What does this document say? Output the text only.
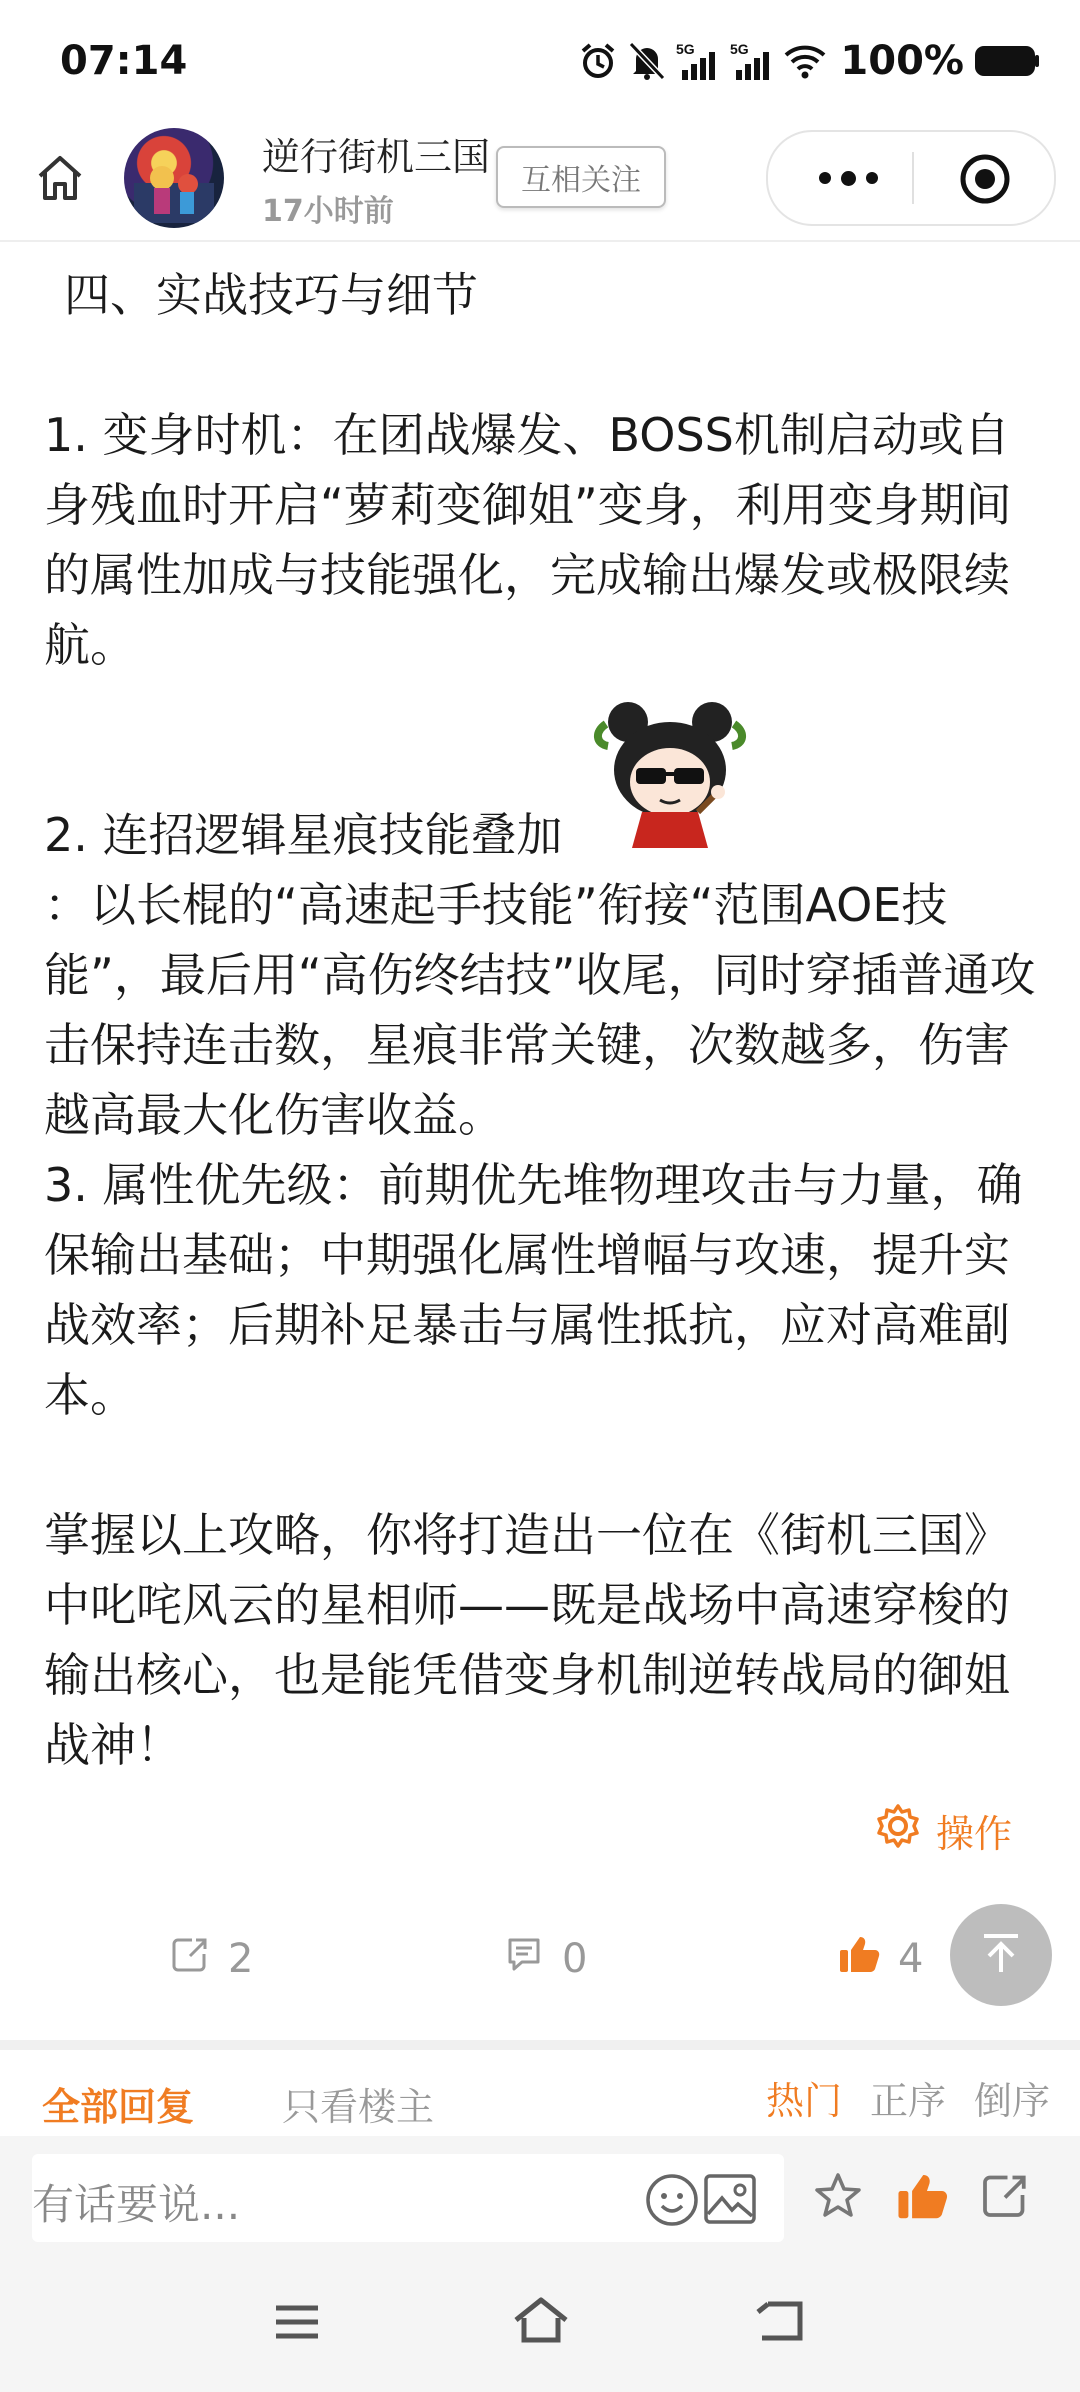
07:14	5G	5G 100%
逆行街机三国
17小时前
互相关注

四、实战技巧与细节

1. 变身时机：在团战爆发、BOSS机制启动或自身残血时开启“萝莉变御姐”变身，利用变身期间的属性加成与技能强化，完成输出爆发或极限续航。

2. 连招逻辑星痕技能叠加
：以长棍的“高速起手技能”衔接“范围AOE技能”，最后用“高伤终结技”收尾，同时穿插普通攻击保持连击数，星痕非常关键，次数越多，伤害越高最大化伤害收益。
3. 属性优先级：前期优先堆物理攻击与力量，确保输出基础；中期强化属性增幅与攻速，提升实战效率；后期补足暴击与属性抵抗，应对高难副本。

掌握以上攻略，你将打造出一位在《街机三国》中叱咤风云的星相师——既是战场中高速穿梭的输出核心，也是能凭借变身机制逆转战局的御姐战神！

操作
2	0	4
全部回复 只看楼主	热门 正序 倒序
有话要说...
